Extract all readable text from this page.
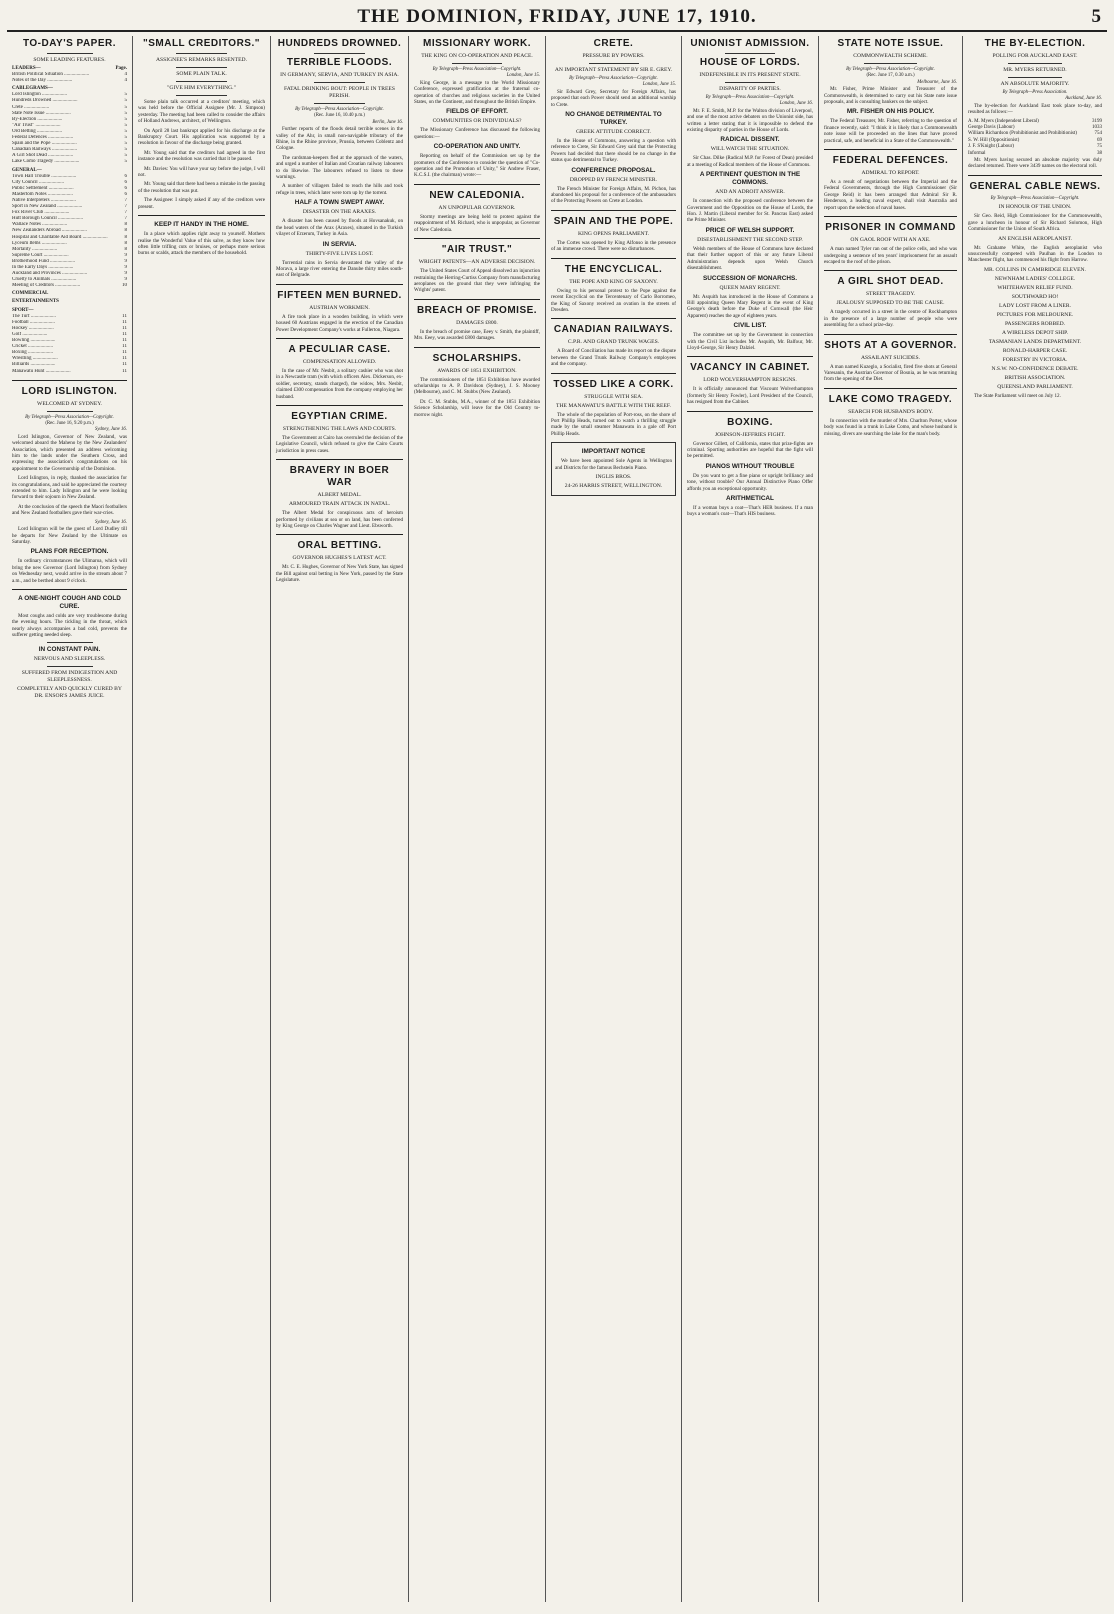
THE DOMINION, FRIDAY, JUNE 17, 1910.	5
TO-DAY'S PAPER.
SOME LEADING FEATURES.
LEADERS—	Page.
British Political Situation ....................	4
Notes of the Day ....................	4
CABLEGRAMS—
Lord Islington ....................	5
Hundreds Drowned ....................	5
Crete ....................	5
State Note Issue ....................	5
By-Election ....................	5
"Air Trust" ....................	5
Ord Betting ....................	5
Federal Defences ....................	5
Spain and the Pope ....................	5
Canadian Railways ....................	5
A Girl Shot Dead ....................	5
Lake Como Tragedy ....................	5
GENERAL—
Town Hall Trouble ....................	6
City Council ....................	6
Public Settlement ....................	6
Mastertom Notes ....................	6
Native Interpreters ....................	7
Sport in New Zealand ....................	7
Fox River Club ....................	7
Hutt Borough Council ....................	7
Wallace Notes ....................	8
New Zealanders Abroad ....................	8
Hospital and Charitable Aid Board ....................	8
Lyceum Items ....................	8
Mortality ....................	8
Supreme Court ....................	9
Brotherhood Fund ....................	9
In the Early Days ....................	9
Auckland and Provinces ....................	9
Cruelty to Animals ....................	9
Meeting of Creditors ....................	10
COMMERCIAL
ENTERTAINMENTS
SPORT—
The Turf ....................	11
Football ....................	11
Hockey ....................	11
Golf ....................	11
Bowling ....................	11
Cricket ....................	11
Boxing ....................	11
Wrestling ....................	11
Billiards ....................	11
Manawatu Hunt ....................	11
LORD ISLINGTON.
WELCOMED AT SYDNEY.
By Telegraph—Press Association—Copyright.
(Rec. June 16, 9.20 p.m.)
Sydney, June 16.

Lord Islington, Governor of New Zealand, was welcomed aboard the Maheno by the New Zealanders' Association, which presented an address welcoming him to the lands under the Southern Cross, and expressing the association's congratulations on his appointment to the Governorship of the Dominion.

Lord Islington, in reply, thanked the association for its congratulations, and said he appreciated the courtesy extended to him. Lady Islington and he were looking forward to their sojourn in New Zealand.

At the conclusion of the speech the Maori footballers and New Zealand footballers gave their war-cries.

Sydney, June 16.

Lord Islington will be the guest of Lord Dudley till he departs for New Zealand by the Ultimate on Saturday.

PLANS FOR RECEPTION.

In ordinary circumstances the Ulimaroa, which will bring the new Governor (Lord Islington) from Sydney on Wednesday next, would arrive in the stream about 7 a.m., and be berthed about 9 o'clock.

A ONE-NIGHT COUGH AND COLD CURE.

Most coughs and colds are very troublesome during the evening hours. The tickling in the throat, which nearly always accompanies a bad cold, prevents the sufferer getting needed sleep.

IN CONSTANT PAIN.
NERVOUS AND SLEEPLESS.
SUFFERED FROM INDIGESTION AND SLEEPLESSNESS.
COMPLETELY AND QUICKLY CURED BY DR. ENSOR'S JAMES JUICE.
"SMALL CREDITORS."
ASSIGNEE'S REMARKS RESENTED.
SOME PLAIN TALK.
"GIVE HIM EVERYTHING."

Some plain talk occurred at a creditors' meeting, which was held before the Official Assignee (Mr. J. Simpson) yesterday. The meeting had been called to consider the affairs of Holland Andrews, architect, of Wellington.

On April 28 last bankrupt applied for his discharge at the Bankruptcy Court. His application was supported by a resolution in favour of the discharge being granted.

Mr. Young said that the creditors had agreed in the first instance and the resolution was carried that it be passed.

Mr. Davies: You will have your say before the judge, I will not.

Mr. Young said that there had been a mistake in the passing of the resolution that was put.

The Assignee: I simply asked if any of the creditors were present.

KEEP IT HANDY IN THE HOME.

In a place which applies right away to yourself. Mothers realise the Wonderful Value of this salve, as they know how often little trifling cuts or bruises, or perhaps more serious burns or scalds, attack the members of the household.

HUNDREDS DROWNED.
TERRIBLE FLOODS.
IN GERMANY, SERVIA, AND TURKEY IN ASIA.
FATAL DRINKING BOUT: PEOPLE IN TREES PERISH.
By Telegraph—Press Association—Copyright.
(Rec. June 16, 10.40 p.m.)
Berlin, June 16.

Further reports of the floods detail terrible scenes in the valley of the Ahr, in small non-navigable tributary of the Rhine, in the Rhine province, Prussia, between Coblentz and Cologne.

The cardsman-keepers fled at the approach of the waters, and urged a number of Italian and Croatian railway labourers to do likewise. The labourers refused to listen to these warnings.

A number of villagers failed to reach the hills and took refuge in trees, which later were torn up by the torrent.

HALF A TOWN SWEPT AWAY.
DISASTER ON THE ARAXES.

A disaster has been caused by floods at Hovsanakuk, on the head waters of the Arax (Araxes), situated in the Turkish vilayet of Erzerum, Turkey in Asia.

IN SERVIA.
THIRTY-FIVE LIVES LOST.

Torrential rains in Servia devastated the valley of the Morava, a large river entering the Danube thirty miles south-east of Belgrade.

FIFTEEN MEN BURNED.
AUSTRIAN WORKMEN.

A fire took place in a wooden building, in which were housed 60 Austrians engaged in the erection of the Canadian Power Development Company's works at Fullerton, Niagara.

A PECULIAR CASE.
COMPENSATION ALLOWED.

In the case of Mr. Nesbit, a solitary cashier who was shot in a Newcastle tram (with which officers Alex. Dickerson, ex-soldier, secretary, stands charged), the widow, Mrs. Nesbit, claimed £300 compensation from the company employing her husband.

EGYPTIAN CRIME.
STRENGTHENING THE LAWS AND COURTS.

The Government at Cairo has overruled the decision of the Legislative Council, which refused to give the Cairo Courts jurisdiction in press cases.

BRAVERY IN BOER WAR
ALBERT MEDAL.
ARMOURED TRAIN ATTACK IN NATAL.

The Albert Medal for conspicuous acts of heroism performed by civilians at sea or on land, has been conferred by King George on Charles Wagner and Lieut. Ebsworth.

ORAL BETTING.
GOVERNOR HUGHES'S LATEST ACT.

Mr. C. E. Hughes, Governor of New York State, has signed the Bill against oral betting in New York, passed by the State Legislature.

MISSIONARY WORK.
THE KING ON CO-OPERATION AND PEACE.
By Telegraph—Press Association—Copyright.
London, June 15.

King George, in a message to the World Missionary Conference, expressed gratification at the fraternal co-operation of churches and religious societies in the United States, on the Continent, and throughout the British Empire.

FIELDS OF EFFORT.
COMMUNITIES OR INDIVIDUALS?

The Missionary Conference has discussed the following questions:—

CO-OPERATION AND UNITY.

Reporting on behalf of the Commission set up by the promoters of the Conference to consider the question of "Co-operation and the Promotion of Unity," Sir Andrew Fraser, K.C.S.I. (the chairman) wrote:—

NEW CALEDONIA.
AN UNPOPULAR GOVERNOR.

Stormy meetings are being held to protest against the reappointment of M. Richard, who is unpopular, as Governor of New Caledonia.

"AIR TRUST."
WRIGHT PATENTS—AN ADVERSE DECISION.

The United States Court of Appeal dissolved an injunction restraining the Herring-Curtiss Company from manufacturing aeroplanes on the ground that they were infringing the Wrights' patent.

BREACH OF PROMISE.
DAMAGES £800.

In the breach of promise case, Eeey v. Smith, the plaintiff, Mrs. Eeey, was awarded £800 damages.

SCHOLARSHIPS.
AWARDS OF 1851 EXHIBITION.

The commissioners of the 1851 Exhibition have awarded scholarships to A. P. Davidson (Sydney), J. S. Mooney (Melbourne), and C. M. Stubbs (New Zealand).

Dr. C. M. Stubbs, M.A., winner of the 1851 Exhibition Science Scholarship, will leave for the Old Country to-morrow night.

CRETE.
PRESSURE BY POWERS.
AN IMPORTANT STATEMENT BY SIR E. GREY.
By Telegraph—Press Association—Copyright.
London, June 15.

Sir Edward Grey, Secretary for Foreign Affairs, has proposed that each Power should send an additional warship to Crete.

NO CHANGE DETRIMENTAL TO TURKEY.
GREEK ATTITUDE CORRECT.

In the House of Commons, answering a question with reference to Crete, Sir Edward Grey said that the Protecting Powers had decided that there should be no change in the status quo detrimental to Turkey.

CONFERENCE PROPOSAL.
DROPPED BY FRENCH MINISTER.

The French Minister for Foreign Affairs, M. Pichon, has abandoned his proposal for a conference of the ambassadors of the Protecting Powers on Crete at London.

SPAIN AND THE POPE.
KING OPENS PARLIAMENT.

The Cortes was opened by King Alfonso in the presence of an immense crowd. There were no disturbances.

THE ENCYCLICAL.
THE POPE AND KING OF SAXONY.

Owing to his personal protest to the Pope against the recent Encyclical on the Tercentenary of Carlo Borromeo, the King of Saxony received an ovation in the streets of Dresden.

CANADIAN RAILWAYS.
C.P.R. AND GRAND TRUNK WAGES.

A Board of Conciliation has made its report on the dispute between the Grand Trunk Railway Company's employees and the company.

TOSSED LIKE A CORK.
STRUGGLE WITH SEA.
THE MANAWATU'S BATTLE WITH THE REEF.

The whole of the population of Port-ross, on the shore of Port Phillip Heads, turned out to watch a thrilling struggle made by the small steamer Manawatu in a gale off Port Phillip Heads.

IMPORTANT NOTICE

We have been appointed Sole Agents in Wellington and Districts for the famous Bechstein Piano.

INGLIS BROS.
24-26 HARRIS STREET, WELLINGTON.
UNIONIST ADMISSION.
HOUSE OF LORDS.
INDEFENSIBLE IN ITS PRESENT STATE.
DISPARITY OF PARTIES.
By Telegraph—Press Association—Copyright.
London, June 16.

Mr. F. E. Smith, M.P. for the Walton division of Liverpool, and one of the most active debaters on the Unionist side, has written a letter stating that it is impossible to defend the existing disparity of parties in the House of Lords.

RADICAL DISSENT.
WILL WATCH THE SITUATION.

Sir Chas. Dilke (Radical M.P. for Forest of Dean) presided at a meeting of Radical members of the House of Commons.

A PERTINENT QUESTION IN THE COMMONS.
AND AN ADROIT ANSWER.

In connection with the proposed conference between the Government and the Opposition on the House of Lords, the Hon. J. Martin (Liberal member for St. Pancras East) asked the Prime Minister.

PRICE OF WELSH SUPPORT.
DISESTABLISHMENT THE SECOND STEP.

Welsh members of the House of Commons have declared that their further support of this or any future Liberal Administration depends upon Welsh Church disestablishment.

SUCCESSION OF MONARCHS.
QUEEN MARY REGENT.

Mr. Asquith has introduced in the House of Commons a Bill appointing Queen Mary Regent in the event of King George's death before the Duke of Cornwall (the Heir Apparent) reaches the age of eighteen years.

CIVIL LIST.

The committee set up by the Government in connection with the Civil List includes Mr. Asquith, Mr. Balfour, Mr. Lloyd-George, Sir Henry Dalziel.

VACANCY IN CABINET.
LORD WOLVERHAMPTON RESIGNS.

It is officially announced that Viscount Wolverhampton (formerly Sir Henry Fowler), Lord President of the Council, has resigned from the Cabinet.

BOXING.
JOHNSON-JEFFRIES FIGHT.

Governor Gillett, of California, states that prize-fights are criminal. Sporting authorities are hopeful that the fight will be permitted.

PIANOS WITHOUT TROUBLE

Do you want to get a fine piano or upright brilliancy and tone, without trouble? Our Annual Distinctive Piano Offer affords you an exceptional opportunity.

ARITHMETICAL

If a woman buys a coat—That's HER business. If a man buys a woman's coat—That's HIS business.

STATE NOTE ISSUE.
COMMONWEALTH SCHEME.
By Telegraph—Press Association—Copyright.
(Rec. June 17, 0.30 a.m.)
Melbourne, June 16.

Mr. Fisher, Prime Minister and Treasurer of the Commonwealth, is determined to carry out his State note issue proposals, and is consulting bankers on the subject.

MR. FISHER ON HIS POLICY.

The Federal Treasurer, Mr. Fisher, referring to the question of finance recently, said: "I think it is likely that a Commonwealth note issue will be proceeded on the lines that have proved practical, safe, and beneficial in a State of the Commonwealth."

FEDERAL DEFENCES.
ADMIRAL TO REPORT.

As a result of negotiations between the Imperial and the Federal Governments, through the High Commissioner (Sir George Reid) it has been arranged that Admiral Sir R. Henderson, a leading naval expert, shall visit Australia and report upon the selection of naval bases.

PRISONER IN COMMAND
ON GAOL ROOF WITH AN AXE.

A man named Tyler ran out of the police cells, and who was undergoing a sentence of ten years' imprisonment for an assault escaped to the roof of the prison.

A GIRL SHOT DEAD.
STREET TRAGEDY.
JEALOUSY SUPPOSED TO BE THE CAUSE.

A tragedy occurred in a street in the centre of Rockhampton in the presence of a large number of people who were assembling for a school prize-day.

SHOTS AT A GOVERNOR.
ASSAILANT SUICIDES.

A man named Kuzeglo, a Socialist, fired five shots at General Varesanin, the Austrian Governor of Bosnia, as he was returning from the opening of the Diet.

LAKE COMO TRAGEDY.
SEARCH FOR HUSBAND'S BODY.

In connection with the murder of Mrs. Charlton Porter, whose body was found in a trunk in Lake Como, and whose husband is missing, divers are searching the lake for the man's body.

THE BY-ELECTION.
POLLING FOR AUCKLAND EAST.
MR. MYERS RETURNED.
AN ABSOLUTE MAJORITY.
By Telegraph—Press Association.
Auckland, June 16.

The by-election for Auckland East took place to-day, and resulted as follows:—

A. M. Myers (Independent Liberal)	3199
George Davis (Labour)	1033
William Richardson (Prohibitionist and Prohibitionist)	754
S. W. Hill (Oppositionist)	69
J. F. S'Knight (Labour)	75
Informal	38

Mr. Myers having secured an absolute majority was duly declared returned. There were 3439 names on the electoral roll.

GENERAL CABLE NEWS.
By Telegraph—Press Association—Copyright.
IN HONOUR OF THE UNION.

Sir Geo. Reid, High Commissioner for the Commonwealth, gave a luncheon in honour of Sir Richard Solomon, High Commissioner for the Union of South Africa.

AN ENGLISH AEROPLANIST.

Mr. Grahame White, the English aeroplanist who unsuccessfully competed with Paulhan in the London to Manchester flight, has commenced his flight from Harrow.

MR. COLLINS IN CAMBRIDGE ELEVEN.
NEWNHAM LADIES' COLLEGE.
WHITEHAVEN RELIEF FUND.
SOUTHWARD HO!
LADY LOST FROM A LINER.
PICTURES FOR MELBOURNE.
PASSENGERS ROBBED.
A WIRELESS DEPOT SHIP.
TASMANIAN LANDS DEPARTMENT.
RONALD-HARPER CASE.
FORESTRY IN VICTORIA.
N.S.W. NO-CONFIDENCE DEBATE.
BRITISH ASSOCIATION.
QUEENSLAND PARLIAMENT.

The State Parliament will meet on July 12.
